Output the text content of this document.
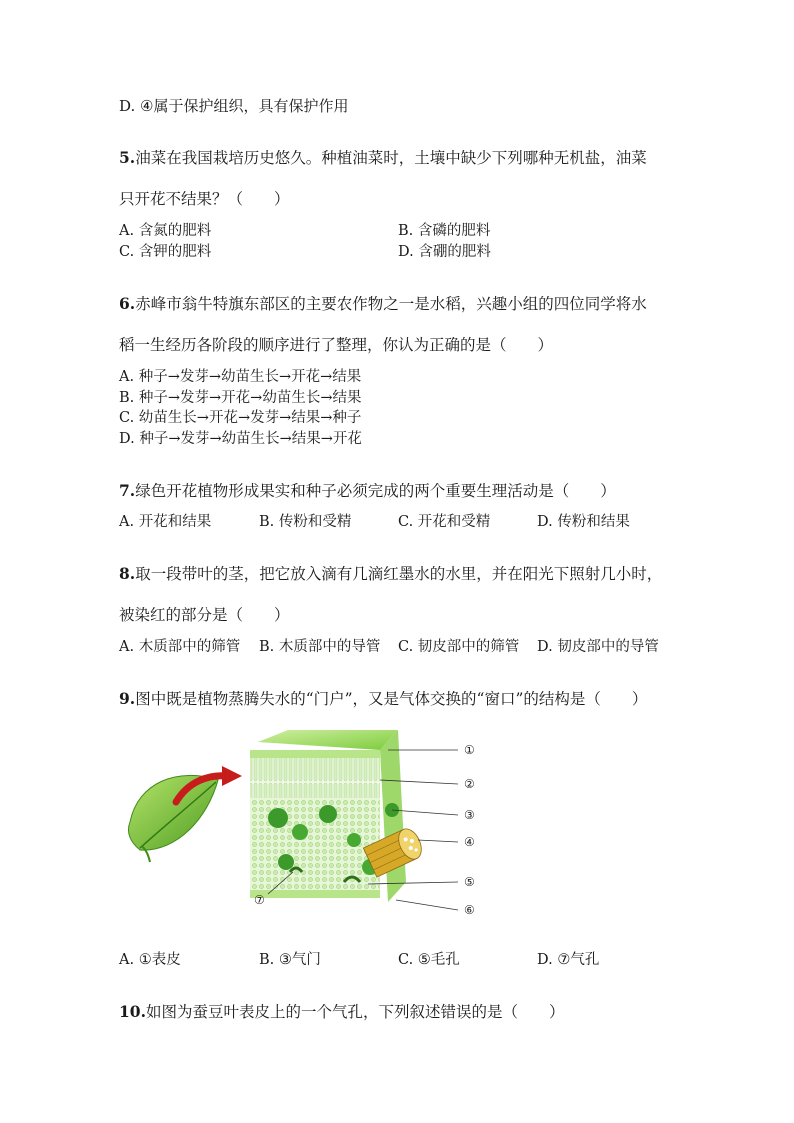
D. ④属于保护组织，具有保护作用
5.油菜在我国栽培历史悠久。种植油菜时，土壤中缺少下列哪种无机盐，油菜
只开花不结果？（　　）
A. 含氮的肥料	B. 含磷的肥料
C. 含钾的肥料	D. 含硼的肥料
6.赤峰市翁牛特旗东部区的主要农作物之一是水稻，兴趣小组的四位同学将水
稻一生经历各阶段的顺序进行了整理，你认为正确的是（　　）
A. 种子→发芽→幼苗生长→开花→结果
B. 种子→发芽→开花→幼苗生长→结果
C. 幼苗生长→开花→发芽→结果→种子
D. 种子→发芽→幼苗生长→结果→开花
7.绿色开花植物形成果实和种子必须完成的两个重要生理活动是（　　）
A. 开花和结果	B. 传粉和受精	C. 开花和受精	D. 传粉和结果
8.取一段带叶的茎，把它放入滴有几滴红墨水的水里，并在阳光下照射几小时，
被染红的部分是（　　）
A. 木质部中的筛管 B. 木质部中的导管 C. 韧皮部中的筛管 D. 韧皮部中的导管
9.图中既是植物蒸腾失水的“门户”，又是气体交换的“窗口”的结构是（　　）
①
②
③
④
⑤
⑥
⑦
A. ①表皮	B. ③气门	C. ⑤毛孔	D. ⑦气孔
10.如图为蚕豆叶表皮上的一个气孔，下列叙述错误的是（　　）
